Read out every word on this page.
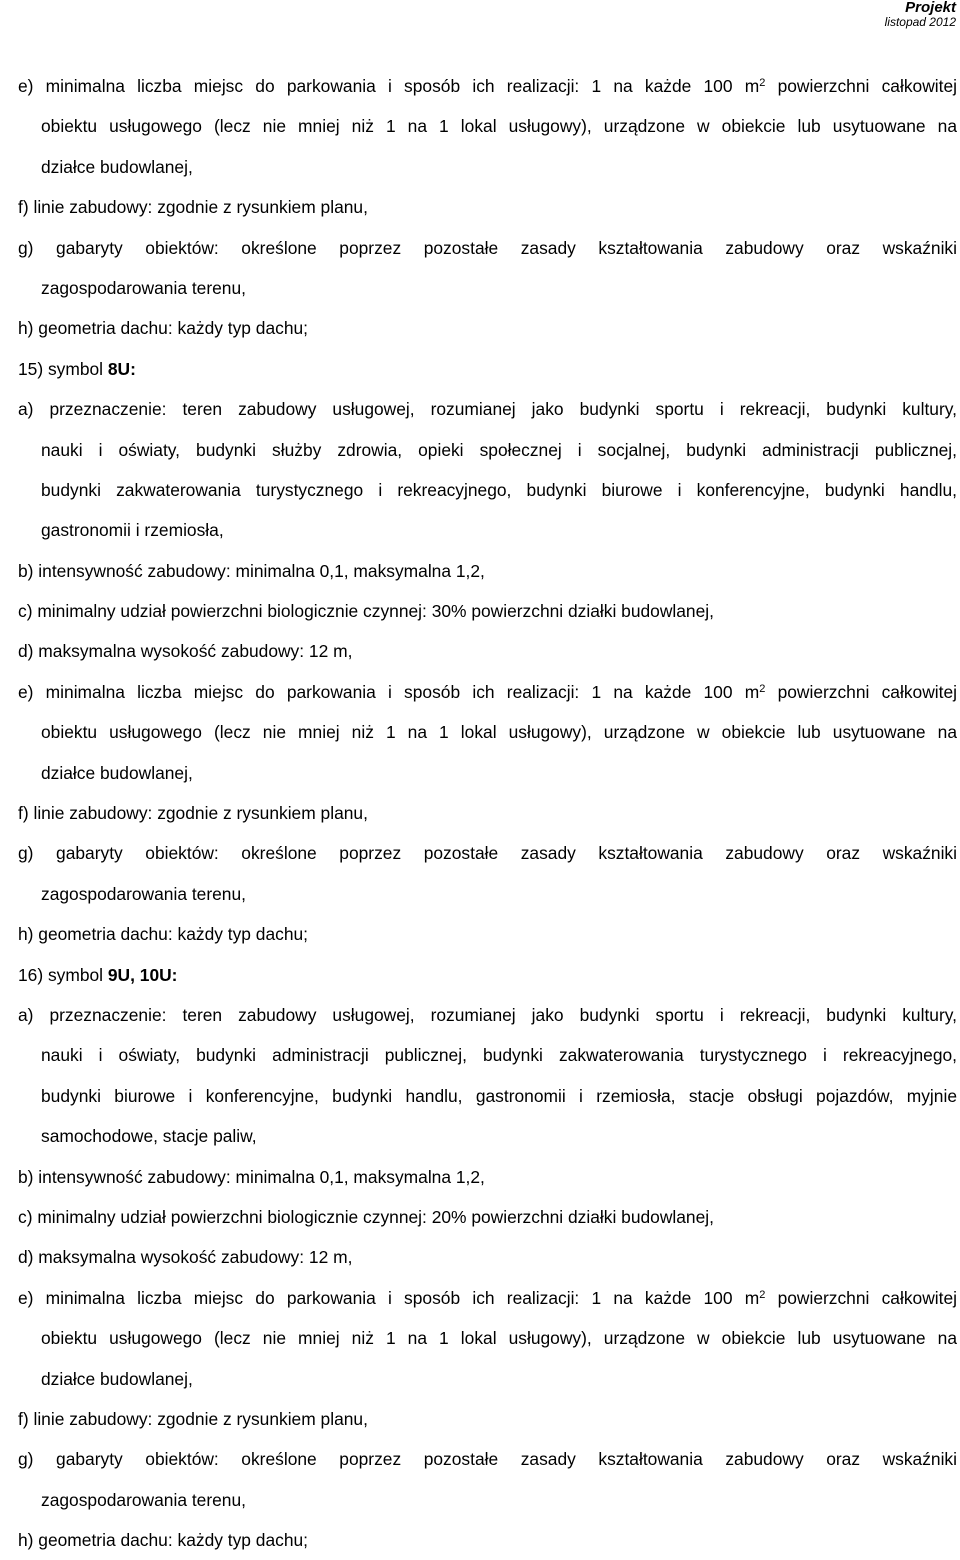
Projekt
listopad 2012
e) minimalna liczba miejsc do parkowania i sposób ich realizacji: 1 na każde 100 $m^2$ powierzchni całkowitej
obiektu usługowego (lecz nie mniej niż 1 na 1 lokal usługowy), urządzone w obiekcie lub usytuowane na
działce budowlanej,
f) linie zabudowy: zgodnie z rysunkiem planu,
g) gabaryty obiektów: określone poprzez pozostałe zasady kształtowania zabudowy oraz wskaźniki
zagospodarowania terenu,
h) geometria dachu: każdy typ dachu;
15) symbol 8U:
a) przeznaczenie: teren zabudowy usługowej, rozumianej jako budynki sportu i rekreacji, budynki kultury,
nauki i oświaty, budynki służby zdrowia, opieki społecznej i socjalnej, budynki administracji publicznej,
budynki zakwaterowania turystycznego i rekreacyjnego, budynki biurowe i konferencyjne, budynki handlu,
gastronomii i rzemiosła,
b) intensywność zabudowy: minimalna 0,1, maksymalna 1,2,
c) minimalny udział powierzchni biologicznie czynnej: 30% powierzchni działki budowlanej,
d) maksymalna wysokość zabudowy: 12 m,
e) minimalna liczba miejsc do parkowania i sposób ich realizacji: 1 na każde 100 $m^2$ powierzchni całkowitej
obiektu usługowego (lecz nie mniej niż 1 na 1 lokal usługowy), urządzone w obiekcie lub usytuowane na
działce budowlanej,
f) linie zabudowy: zgodnie z rysunkiem planu,
g) gabaryty obiektów: określone poprzez pozostałe zasady kształtowania zabudowy oraz wskaźniki
zagospodarowania terenu,
h) geometria dachu: każdy typ dachu;
16) symbol 9U, 10U:
a) przeznaczenie: teren zabudowy usługowej, rozumianej jako budynki sportu i rekreacji, budynki kultury,
nauki i oświaty, budynki administracji publicznej, budynki zakwaterowania turystycznego i rekreacyjnego,
budynki biurowe i konferencyjne, budynki handlu, gastronomii i rzemiosła, stacje obsługi pojazdów, myjnie
samochodowe, stacje paliw,
b) intensywność zabudowy: minimalna 0,1, maksymalna 1,2,
c) minimalny udział powierzchni biologicznie czynnej: 20% powierzchni działki budowlanej,
d) maksymalna wysokość zabudowy: 12 m,
e) minimalna liczba miejsc do parkowania i sposób ich realizacji: 1 na każde 100 $m^2$ powierzchni całkowitej
obiektu usługowego (lecz nie mniej niż 1 na 1 lokal usługowy), urządzone w obiekcie lub usytuowane na
działce budowlanej,
f) linie zabudowy: zgodnie z rysunkiem planu,
g) gabaryty obiektów: określone poprzez pozostałe zasady kształtowania zabudowy oraz wskaźniki
zagospodarowania terenu,
h) geometria dachu: każdy typ dachu;
